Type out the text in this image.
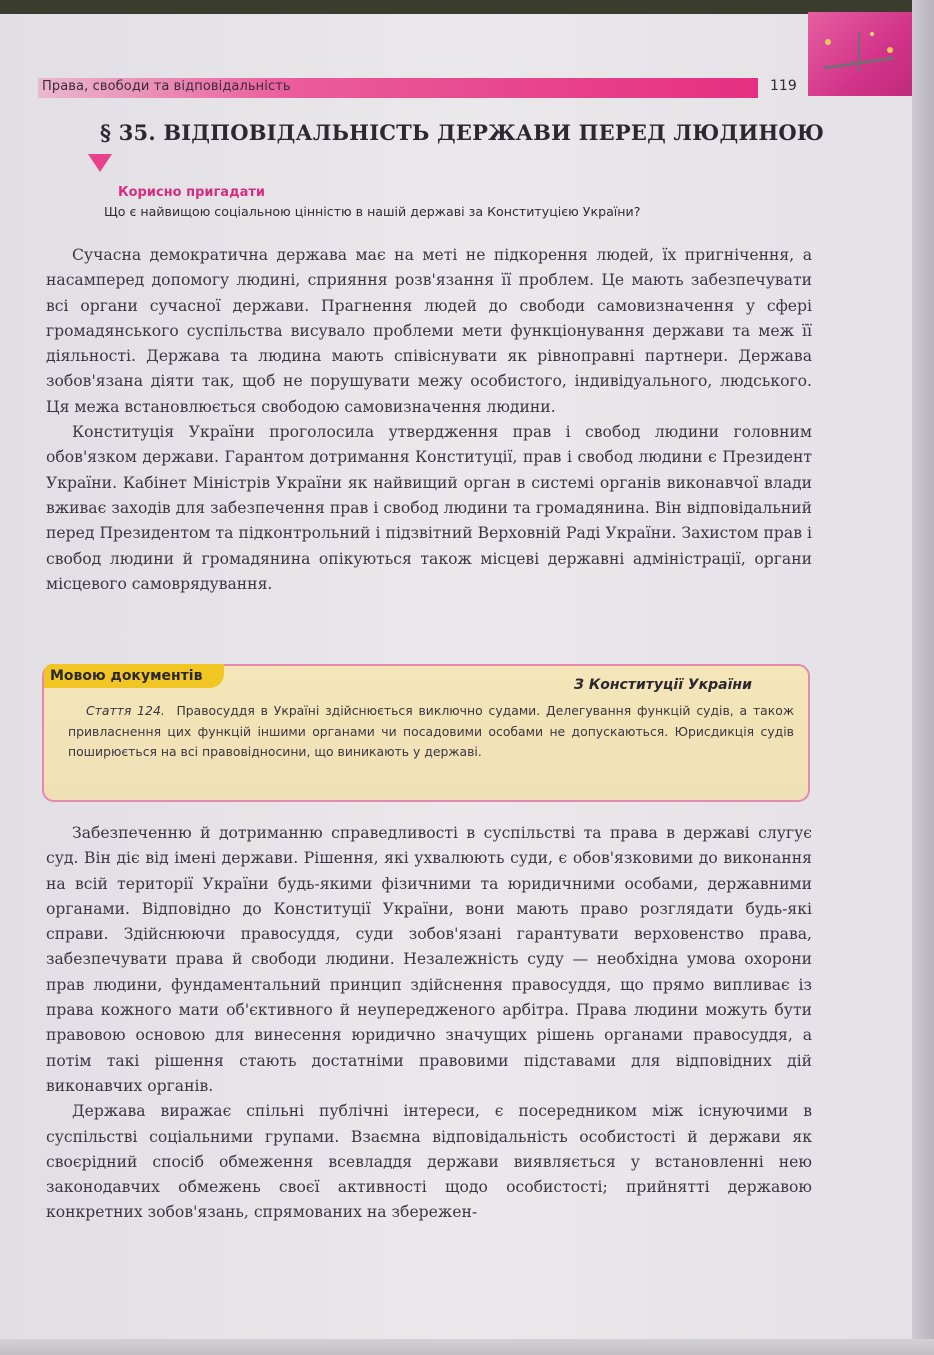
Права, свободи та відповідальність	119
§ 35. ВІДПОВІДАЛЬНІСТЬ ДЕРЖАВИ ПЕРЕД ЛЮДИНОЮ
Корисно пригадати
Що є найвищою соціальною цінністю в нашій державі за Конституцією України?

Сучасна демократична держава має на меті не підкорення людей, їх пригнічення, а насамперед допомогу людині, сприяння розв'язання її проблем. Це мають забезпечувати всі органи сучасної держави. Прагнення людей до свободи самовизначення у сфері громадянського суспільства висувало проблеми мети функціонування держави та меж її діяльності. Держава та людина мають співіснувати як рівноправні партнери. Держава зобов'язана діяти так, щоб не порушувати межу особистого, індивідуального, людського. Ця межа встановлюється свободою самовизначення людини.

Конституція України проголосила утвердження прав і свобод людини головним обов'язком держави. Гарантом дотримання Конституції, прав і свобод людини є Президент України. Кабінет Міністрів України як найвищий орган в системі органів виконавчої влади вживає заходів для забезпечення прав і свобод людини та громадянина. Він відповідальний перед Президентом та підконтрольний і підзвітний Верховній Раді України. Захистом прав і свобод людини й громадянина опікуються також місцеві державні адміністрації, органи місцевого самоврядування.

Мовою документів
З Конституції України

Стаття 124. Правосуддя в Україні здійснюється виключно судами. Делегування функцій судів, а також привласнення цих функцій іншими органами чи посадовими особами не допускаються. Юрисдикція судів поширюється на всі правовідносини, що виникають у державі.

Забезпеченню й дотриманню справедливості в суспільстві та права в державі слугує суд. Він діє від імені держави. Рішення, які ухвалюють суди, є обов'язковими до виконання на всій території України будь-якими фізичними та юридичними особами, державними органами. Відповідно до Конституції України, вони мають право розглядати будь-які справи. Здійснюючи правосуддя, суди зобов'язані гарантувати верховенство права, забезпечувати права й свободи людини. Незалежність суду — необхідна умова охорони прав людини, фундаментальний принцип здійснення правосуддя, що прямо випливає із права кожного мати об'єктивного й неупередженого арбітра. Права людини можуть бути правовою основою для винесення юридично значущих рішень органами правосуддя, а потім такі рішення стають достатніми правовими підставами для відповідних дій виконавчих органів.

Держава виражає спільні публічні інтереси, є посередником між існуючими в суспільстві соціальними групами. Взаємна відповідальність особистості й держави як своєрідний спосіб обмеження всевладдя держави виявляється у встановленні нею законодавчих обмежень своєї активності щодо особистості; прийнятті державою конкретних зобов'язань, спрямованих на збережен-
